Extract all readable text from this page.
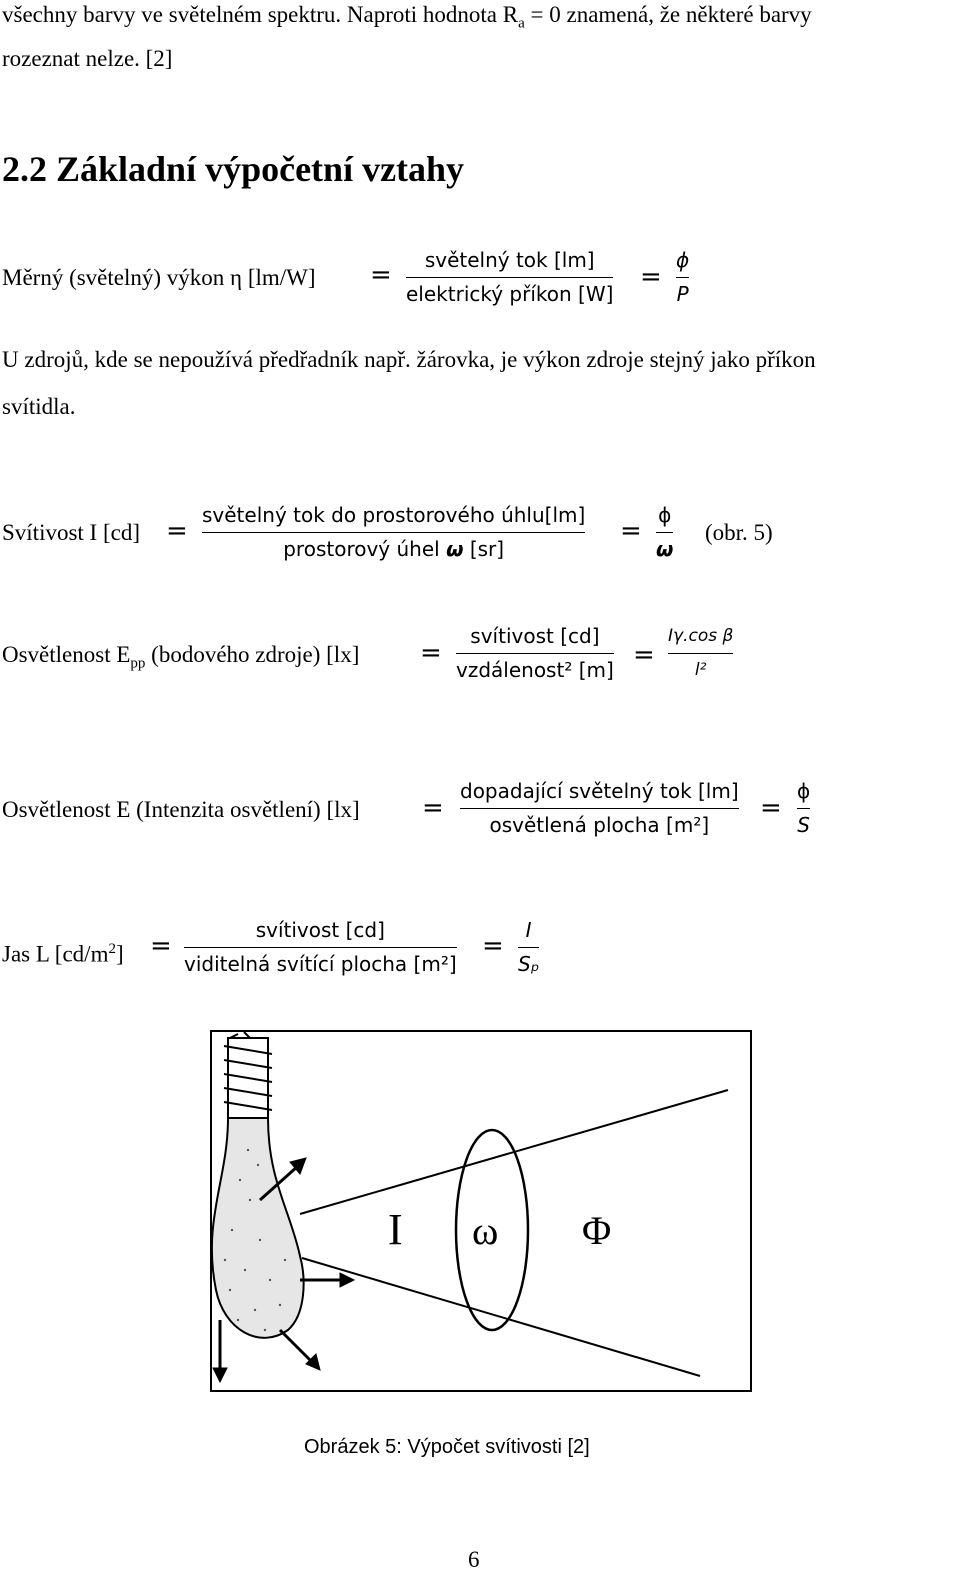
všechny barvy ve světelném spektru. Naproti hodnota $R_a = 0$ znamená, že některé barvy
rozeznat nelze. [2]
2.2 Základní výpočetní vztahy
Měrný (světelný) výkon η [lm/W] = světelný tok [lm]
elektrický příkon [W]
=
ϕ
P
U zdrojů, kde se nepoužívá předřadník např. žárovka, je výkon zdroje stejný jako příkon
svítidla.
Svítivost I [cd] =
světelný tok do prostorového úhlu[lm]
prostorový úhel ω [sr]
=
ϕ
ω
(obr. 5)
Osvětlenost $E_{pp}$ (bodového zdroje) [lx] =
svítivost [cd]
vzdálenost² [m] =
Iγ.cos β
l²
Osvětlenost E (Intenzita osvětlení) [lx] =
dopadající světelný tok [lm]
osvětlená plocha [m²]
=
ϕ
S
Jas L $[cd/m^2]$ =
svítivost [cd]
viditelná svítící plocha [m²]
=
I
Sₚ
I ω Φ
Obrázek 5: Výpočet svítivosti [2]
6
